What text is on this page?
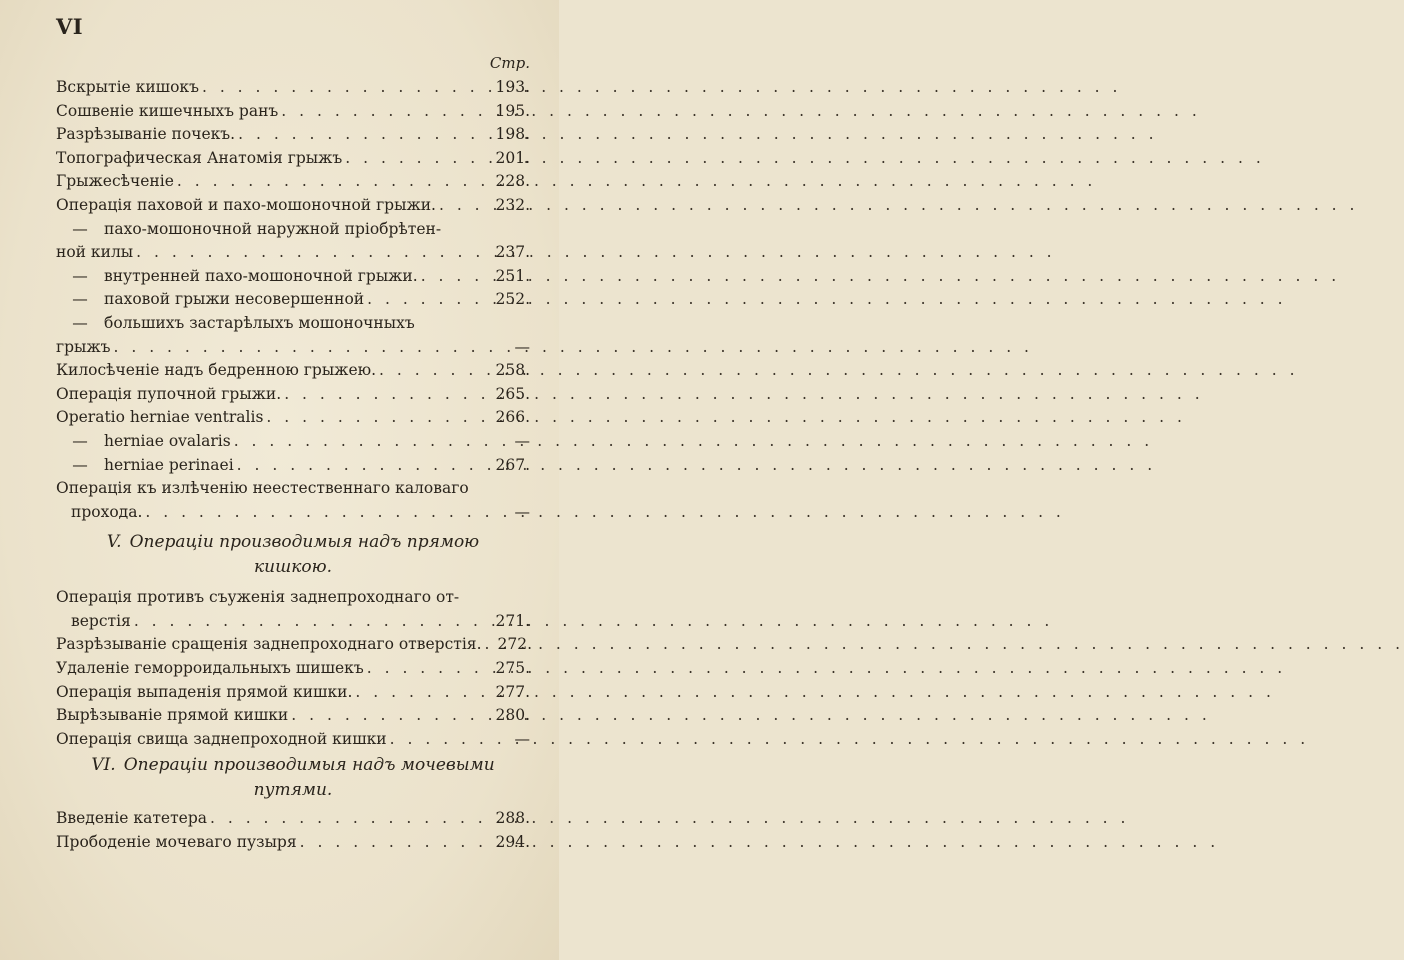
VI
Стр.
Вскрытіе кишокъ . . .	193.
Сошвеніе кишечныхъ ранъ . . .	195.
Разрѣзываніе почекъ. . . .	198.
Топографическая Анатомія грыжъ . . .	201.
Грыжесѣченіе . . .	228.
Операція паховой и пахо-мошоночной грыжи. . . .	232.
—	пахо-мошоночной наружной пріобрѣтен-
ной килы . . .	237.
—	внутренней пахо-мошоночной грыжи. . . .	251.
—	паховой грыжи несовершенной . . .	252.
—	большихъ застарѣлыхъ мошоночныхъ
грыжъ . . .	—
Килосѣченіе надъ бедренною грыжею. . . .	258.
Операція пупочной грыжи. . . .	265.
Operatio herniae ventralis . . .	266.
—	herniae ovalaris . . .	—
—	herniae perinaei . . .	267.
Операція къ излѣченію неестественнаго каловаго
прохода. . . .	—
V. Операціи производимыя надъ прямою
кишкою.
Операція противъ съуженія заднепроходнаго от-
верстія . . .	271.
Разрѣзываніе сращенія заднепроходнаго отверстія. . . . 272.
Удаленіе геморроидальныхъ шишекъ . . .	275.
Операція выпаденія прямой кишки. . . .	277.
Вырѣзываніе прямой кишки . . .	280.
Операція свища заднепроходной кишки . . .	—
VI. Операціи производимыя надъ мочевыми
путями.
Введеніе катетера . . .	288.
Прободеніе мочеваго пузыря . . .	294.
